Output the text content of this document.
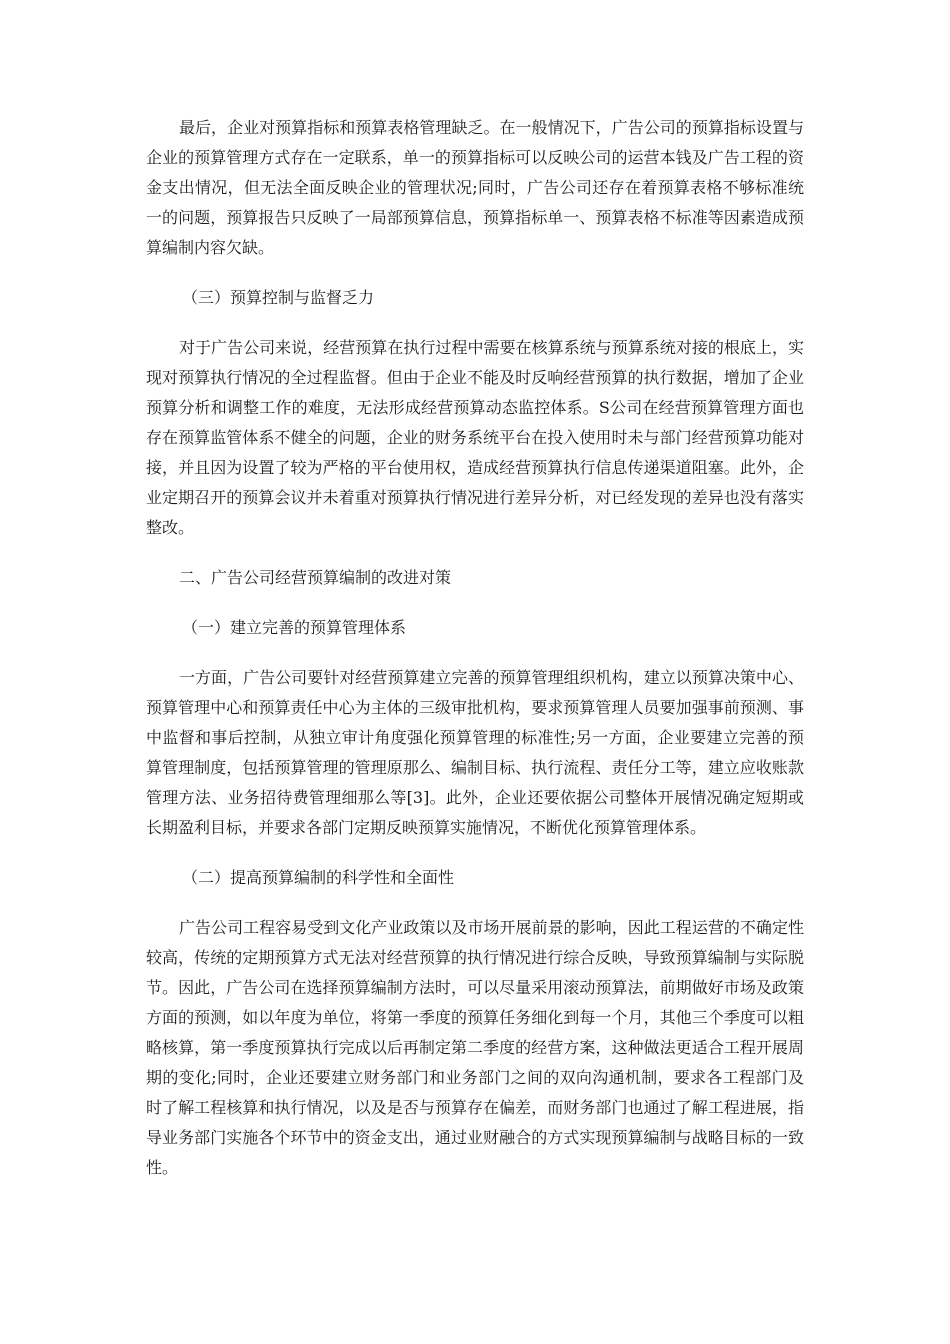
最后，企业对预算指标和预算表格管理缺乏。在一般情况下，广告公司的预算指标设置与企业的预算管理方式存在一定联系，单一的预算指标可以反映公司的运营本钱及广告工程的资金支出情况，但无法全面反映企业的管理状况;同时，广告公司还存在着预算表格不够标准统一的问题，预算报告只反映了一局部预算信息，预算指标单一、预算表格不标准等因素造成预算编制内容欠缺。

（三）预算控制与监督乏力

对于广告公司来说，经营预算在执行过程中需要在核算系统与预算系统对接的根底上，实现对预算执行情况的全过程监督。但由于企业不能及时反响经营预算的执行数据，增加了企业预算分析和调整工作的难度，无法形成经营预算动态监控体系。S公司在经营预算管理方面也存在预算监管体系不健全的问题，企业的财务系统平台在投入使用时未与部门经营预算功能对接，并且因为设置了较为严格的平台使用权，造成经营预算执行信息传递渠道阻塞。此外，企业定期召开的预算会议并未着重对预算执行情况进行差异分析，对已经发现的差异也没有落实整改。

二、广告公司经营预算编制的改进对策

（一）建立完善的预算管理体系

一方面，广告公司要针对经营预算建立完善的预算管理组织机构，建立以预算决策中心、预算管理中心和预算责任中心为主体的三级审批机构，要求预算管理人员要加强事前预测、事中监督和事后控制，从独立审计角度强化预算管理的标准性;另一方面，企业要建立完善的预算管理制度，包括预算管理的管理原那么、编制目标、执行流程、责任分工等，建立应收账款管理方法、业务招待费管理细那么等[3]。此外，企业还要依据公司整体开展情况确定短期或长期盈利目标，并要求各部门定期反映预算实施情况，不断优化预算管理体系。

（二）提高预算编制的科学性和全面性

广告公司工程容易受到文化产业政策以及市场开展前景的影响，因此工程运营的不确定性较高，传统的定期预算方式无法对经营预算的执行情况进行综合反映，导致预算编制与实际脱节。因此，广告公司在选择预算编制方法时，可以尽量采用滚动预算法，前期做好市场及政策方面的预测，如以年度为单位，将第一季度的预算任务细化到每一个月，其他三个季度可以粗略核算，第一季度预算执行完成以后再制定第二季度的经营方案，这种做法更适合工程开展周期的变化;同时，企业还要建立财务部门和业务部门之间的双向沟通机制，要求各工程部门及时了解工程核算和执行情况，以及是否与预算存在偏差，而财务部门也通过了解工程进展，指导业务部门实施各个环节中的资金支出，通过业财融合的方式实现预算编制与战略目标的一致性。
